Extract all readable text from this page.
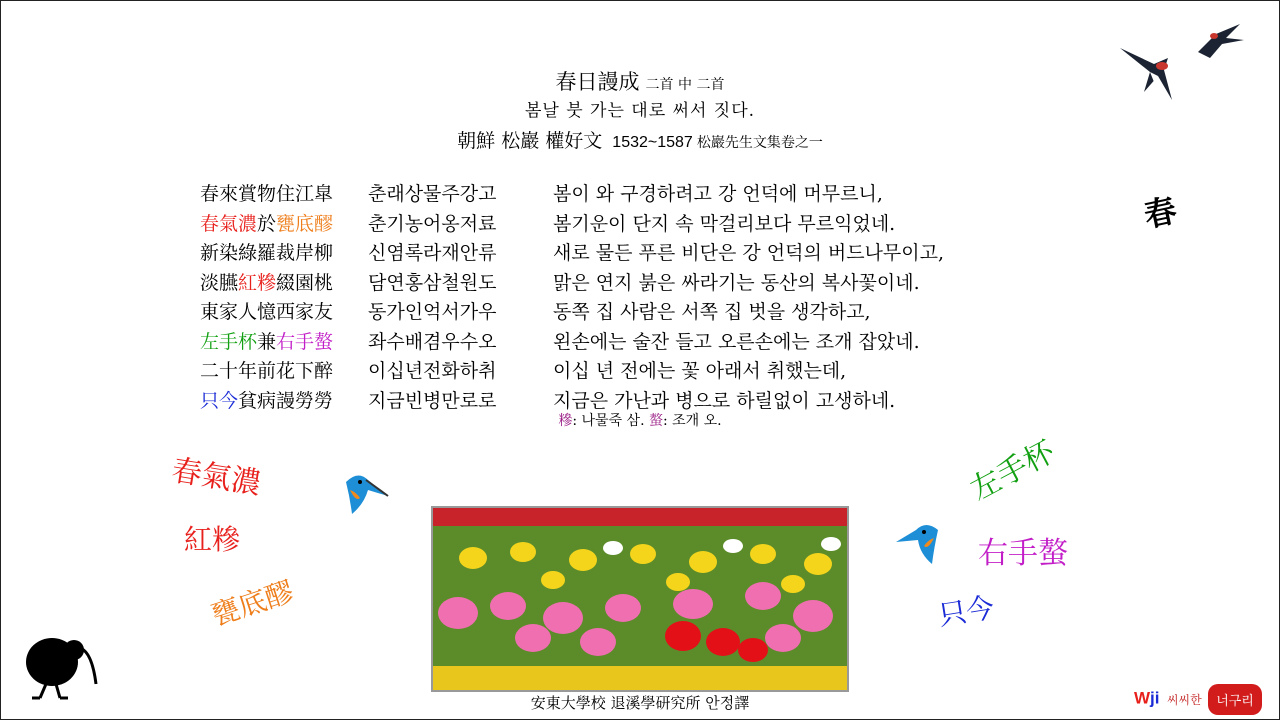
春日謾成 二首 中 二首
봄날 붓 가는 대로 써서 짓다.
朝鮮 松巖 權好文 1532~1587 松巖先生文集卷之一
春來賞物住江皐 춘래상물주강고	봄이 와 구경하려고 강 언덕에 머무르니,
春氣濃於甕底醪 춘기농어옹저료	봄기운이 단지 속 막걸리보다 무르익었네.
新染綠羅裁岸柳 신염록라재안류	새로 물든 푸른 비단은 강 언덕의 버드나무이고,
淡臙紅糝綴園桃 담연홍삼철원도	맑은 연지 붉은 싸라기는 동산의 복사꽃이네.
東家人憶西家友 동가인억서가우	동쪽 집 사람은 서쪽 집 벗을 생각하고,
左手杯兼右手螯 좌수배겸우수오	왼손에는 술잔 들고 오른손에는 조개 잡았네.
二十年前花下醉 이십년전화하취	이십 년 전에는 꽃 아래서 취했는데,
只今貧病謾勞勞 지금빈병만로로	지금은 가난과 병으로 하릴없이 고생하네.
糝: 나물죽 삼. 螯: 조개 오.
春氣濃
紅糝
甕底醪
左手杯
右手螯
只今
春
安東大學校 退溪學研究所 안정譯	Wji 씨씨한 너구리
